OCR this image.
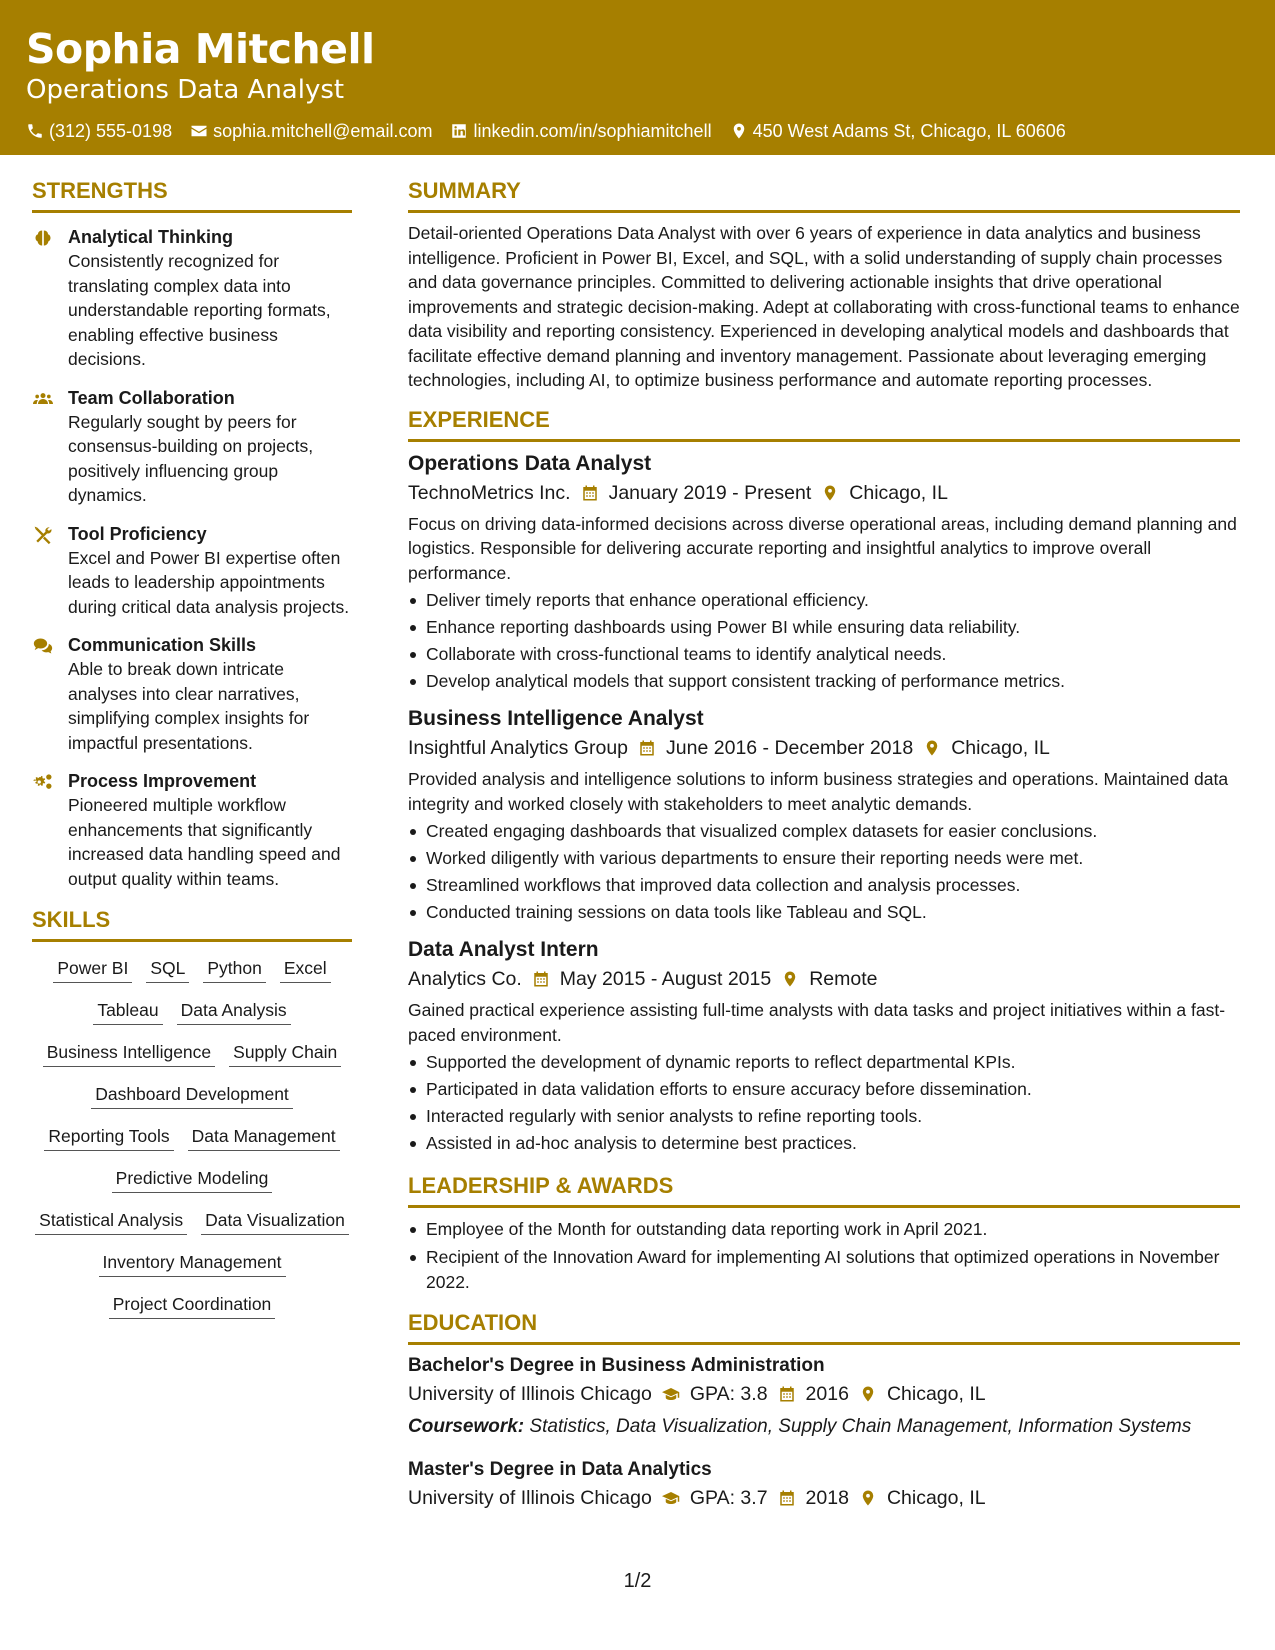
Sophia Mitchell
Operations Data Analyst
(312) 555-0198 sophia.mitchell@email.com linkedin.com/in/sophiamitchell 450 West Adams St, Chicago, IL 60606
STRENGTHS
Analytical Thinking
Consistently recognized for translating complex data into understandable reporting formats, enabling effective business decisions.
Team Collaboration
Regularly sought by peers for consensus-building on projects, positively influencing group dynamics.
Tool Proficiency
Excel and Power BI expertise often leads to leadership appointments during critical data analysis projects.
Communication Skills
Able to break down intricate analyses into clear narratives, simplifying complex insights for impactful presentations.
Process Improvement
Pioneered multiple workflow enhancements that significantly increased data handling speed and output quality within teams.
SKILLS
Power BI SQL Python Excel
Tableau Data Analysis
Business Intelligence Supply Chain
Dashboard Development
Reporting Tools Data Management
Predictive Modeling
Statistical Analysis Data Visualization
Inventory Management
Project Coordination
SUMMARY
Detail-oriented Operations Data Analyst with over 6 years of experience in data analytics and business intelligence. Proficient in Power BI, Excel, and SQL, with a solid understanding of supply chain processes and data governance principles. Committed to delivering actionable insights that drive operational improvements and strategic decision-making. Adept at collaborating with cross-functional teams to enhance data visibility and reporting consistency. Experienced in developing analytical models and dashboards that facilitate effective demand planning and inventory management. Passionate about leveraging emerging technologies, including AI, to optimize business performance and automate reporting processes.
EXPERIENCE
Operations Data Analyst
TechnoMetrics Inc. January 2019 - Present Chicago, IL
Focus on driving data-informed decisions across diverse operational areas, including demand planning and logistics. Responsible for delivering accurate reporting and insightful analytics to improve overall performance.
Deliver timely reports that enhance operational efficiency.
Enhance reporting dashboards using Power BI while ensuring data reliability.
Collaborate with cross-functional teams to identify analytical needs.
Develop analytical models that support consistent tracking of performance metrics.
Business Intelligence Analyst
Insightful Analytics Group June 2016 - December 2018 Chicago, IL
Provided analysis and intelligence solutions to inform business strategies and operations. Maintained data integrity and worked closely with stakeholders to meet analytic demands.
Created engaging dashboards that visualized complex datasets for easier conclusions.
Worked diligently with various departments to ensure their reporting needs were met.
Streamlined workflows that improved data collection and analysis processes.
Conducted training sessions on data tools like Tableau and SQL.
Data Analyst Intern
Analytics Co. May 2015 - August 2015 Remote
Gained practical experience assisting full-time analysts with data tasks and project initiatives within a fast-paced environment.
Supported the development of dynamic reports to reflect departmental KPIs.
Participated in data validation efforts to ensure accuracy before dissemination.
Interacted regularly with senior analysts to refine reporting tools.
Assisted in ad-hoc analysis to determine best practices.
LEADERSHIP & AWARDS
Employee of the Month for outstanding data reporting work in April 2021.
Recipient of the Innovation Award for implementing AI solutions that optimized operations in November 2022.
EDUCATION
Bachelor's Degree in Business Administration
University of Illinois Chicago GPA: 3.8 2016 Chicago, IL
Coursework: Statistics, Data Visualization, Supply Chain Management, Information Systems
Master's Degree in Data Analytics
University of Illinois Chicago GPA: 3.7 2018 Chicago, IL
1/2
